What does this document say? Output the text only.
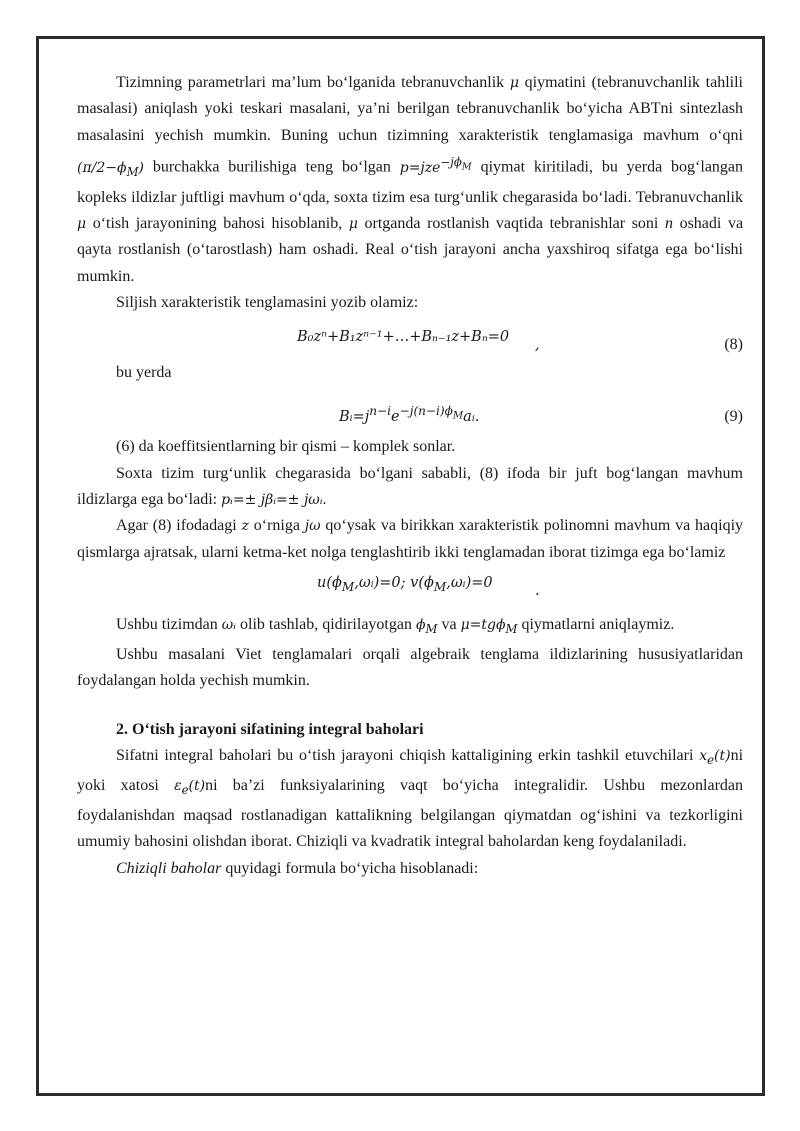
Tizimning parametrlari ma’lum bo‘lganida tebranuvchanlik μ qiymatini (tebranuvchanlik tahlili masalasi) aniqlash yoki teskari masalani, ya’ni berilgan tebranuvchanlik bo‘yicha ABTni sintezlash masalasini yechish mumkin. Buning uchun tizimning xarakteristik tenglamasiga mavhum o‘qni $(\pi/2-\phi_M)$ burchakka burilishiga teng bo‘lgan p=jze$^{-j\phi_M}$ qiymat kiritiladi, bu yerda bog‘langan kopleks ildizlar juftligi mavhum o‘qda, soxta tizim esa turg‘unlik chegarasida bo‘ladi. Tebranuvchanlik μ o‘tish jarayonining bahosi hisoblanib, μ ortganda rostlanish vaqtida tebranishlar soni n oshadi va qayta rostlanish (o‘tarostlash) ham oshadi. Real o‘tish jarayoni ancha yaxshiroq sifatga ega bo‘lishi mumkin.

Siljish xarakteristik tenglamasini yozib olamiz:

B₀zⁿ+B₁zⁿ⁻¹+…+Bₙ₋₁z+Bₙ=0 ,	(8)

bu yerda

$Bᵢ=j^{n-i}e^{-j(n-i)\phi_M}aᵢ$.	(9)

(6) da koeffitsientlarning bir qismi – komplek sonlar.

Soxta tizim turg‘unlik chegarasida bo‘lgani sababli, (8) ifoda bir juft bog‘langan mavhum ildizlarga ega bo‘ladi: pᵢ=± jβᵢ=± jωᵢ.

Agar (8) ifodadagi z o‘rniga jω qo‘ysak va birikkan xarakteristik polinomni mavhum va haqiqiy qismlarga ajratsak, ularni ketma-ket nolga tenglashtirib ikki tenglamadan iborat tizimga ega bo‘lamiz

$u(\phi_M,\omega ᵢ)=0$; $v(\phi_M,\omega ᵢ)=0$	.

Ushbu tizimdan ωᵢ olib tashlab, qidirilayotgan $\phi_M$ va μ=tgϕ$_M$ qiymatlarni aniqlaymiz.

Ushbu masalani Viet tenglamalari orqali algebraik tenglama ildizlarining hususiyatlaridan foydalangan holda yechish mumkin.

2. O‘tish jarayoni sifatining integral baholari

Sifatni integral baholari bu o‘tish jarayoni chiqish kattaligining erkin tashkil etuvchilari $x_e(t)ni$ yoki xatosi $\varepsilon_e(t)ni$ ba’zi funksiyalarining vaqt bo‘yicha integralidir. Ushbu mezonlardan foydalanishdan maqsad rostlanadigan kattalikning belgilangan qiymatdan og‘ishini va tezkorligini umumiy bahosini olishdan iborat. Chiziqli va kvadratik integral baholardan keng foydalaniladi.

Chiziqli baholar quyidagi formula bo‘yicha hisoblanadi:
